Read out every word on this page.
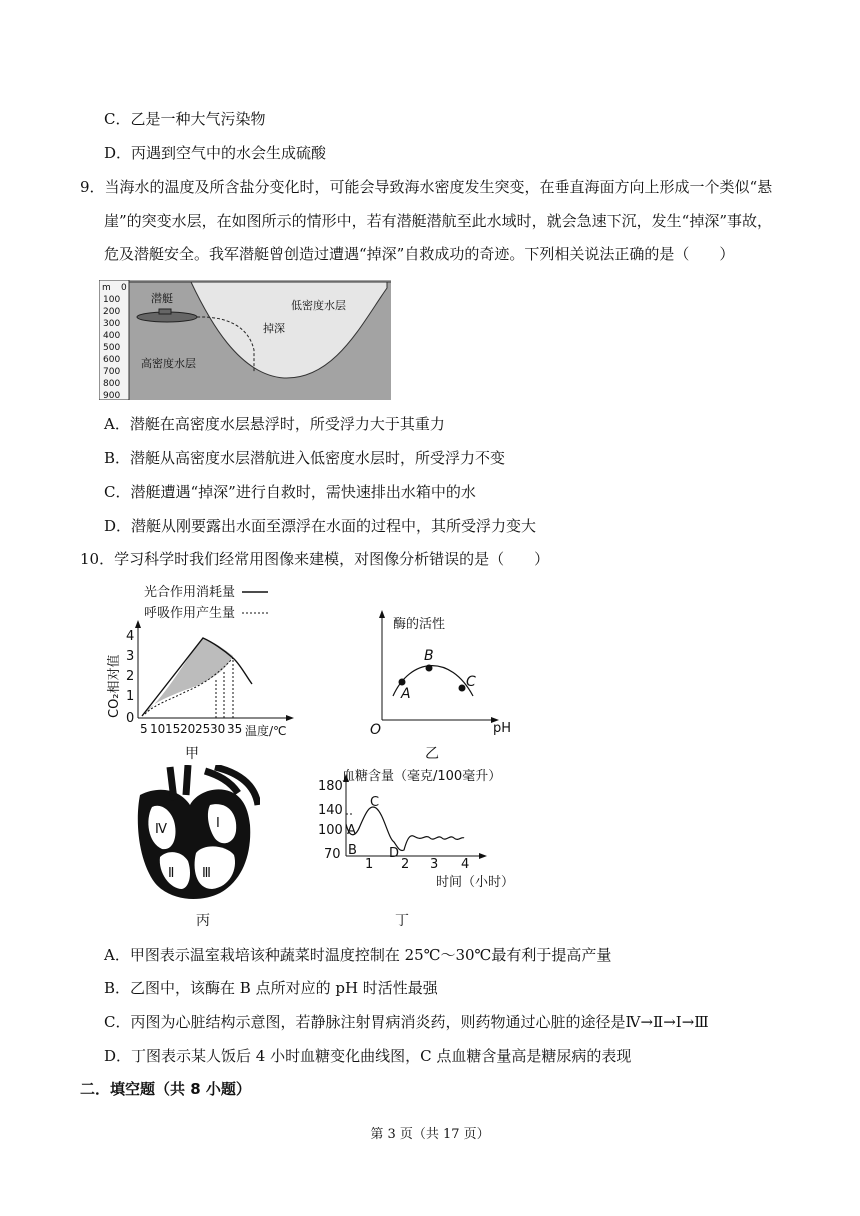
C．乙是一种大气污染物
D．丙遇到空气中的水会生成硫酸
9．当海水的温度及所含盐分变化时，可能会导致海水密度发生突变，在垂直海面方向上形成一个类似“悬
崖”的突变水层，在如图所示的情形中，若有潜艇潜航至此水域时，就会急速下沉，发生“掉深”事故，
危及潜艇安全。我军潜艇曾创造过遭遇“掉深”自救成功的奇迹。下列相关说法正确的是（　　）
m 0
100
200
300
400
500
600
700
800
900
潜艇
低密度水层
掉深
高密度水层
A．潜艇在高密度水层悬浮时，所受浮力大于其重力
B．潜艇从高密度水层潜航进入低密度水层时，所受浮力不变
C．潜艇遭遇“掉深”进行自救时，需快速排出水箱中的水
D．潜艇从刚要露出水面至漂浮在水面的过程中，其所受浮力变大
10．学习科学时我们经常用图像来建模，对图像分析错误的是（　　）
光合作用消耗量
呼吸作用产生量
0
1
2
3
4
5 10 15 20 25 30 35 温度/℃
CO₂相对值
甲
A
B
C
O
酶的活性
pH
乙
Ⅳ	Ⅰ
Ⅱ Ⅲ
丙
180
140
100
70
1 2 3 4
A
B
C
D
血糖含量（毫克/100毫升）
时间（小时）
丁
A．甲图表示温室栽培该种蔬菜时温度控制在 25℃～30℃最有利于提高产量
B．乙图中，该酶在 B 点所对应的 pH 时活性最强
C．丙图为心脏结构示意图，若静脉注射胃病消炎药，则药物通过心脏的途径是Ⅳ→Ⅱ→Ⅰ→Ⅲ
D．丁图表示某人饭后 4 小时血糖变化曲线图，C 点血糖含量高是糖尿病的表现
二．填空题（共 8 小题）
第 3 页（共 17 页）
